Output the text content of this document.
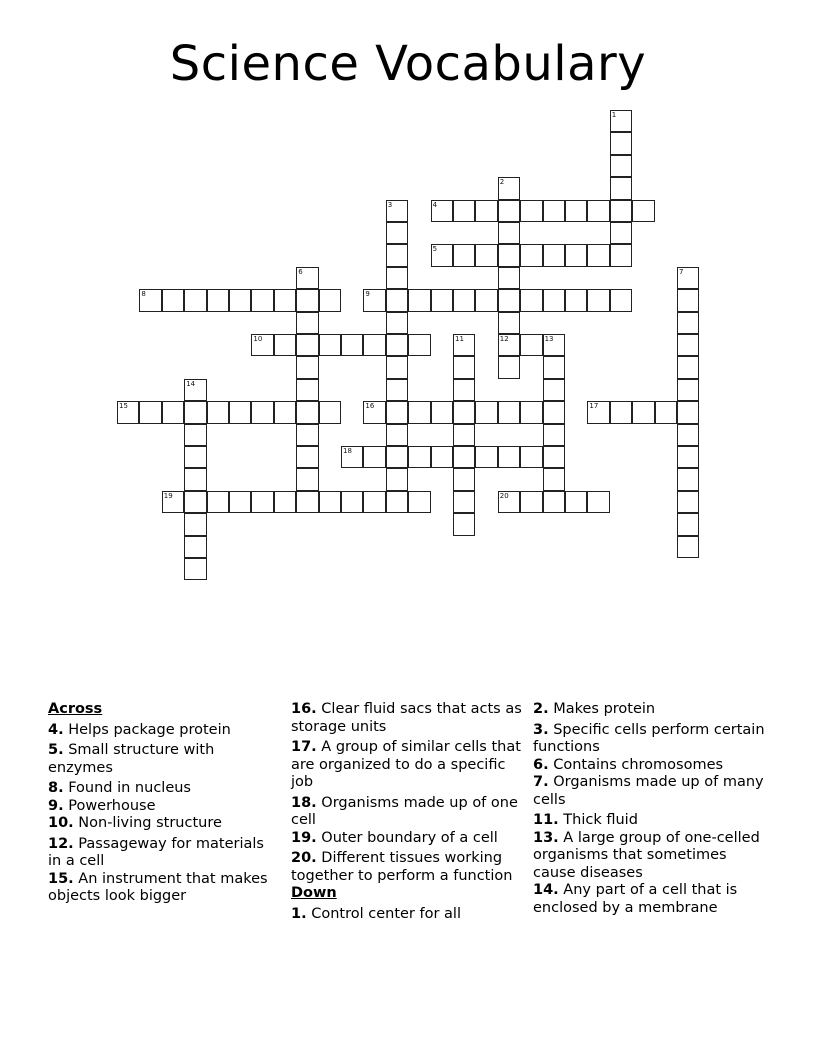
Science Vocabulary
1
2
12
3	4
5
6	7
8	9
10	11	13
14
15	16	17
18
19	20
Across
4. Helps package protein
5. Small structure with enzymes
8. Found in nucleus
9. Powerhouse
10. Non-living structure
12. Passageway for materials in a cell
15. An instrument that makes objects look bigger
16. Clear fluid sacs that acts as storage units
17. A group of similar cells that are organized to do a specific job
18. Organisms made up of one cell
19. Outer boundary of a cell
20. Different tissues working together to perform a function
Down
1. Control center for all
2. Makes protein
3. Specific cells perform certain functions
6. Contains chromosomes
7. Organisms made up of many cells
11. Thick fluid
13. A large group of one-celled organisms that sometimes cause diseases
14. Any part of a cell that is enclosed by a membrane
